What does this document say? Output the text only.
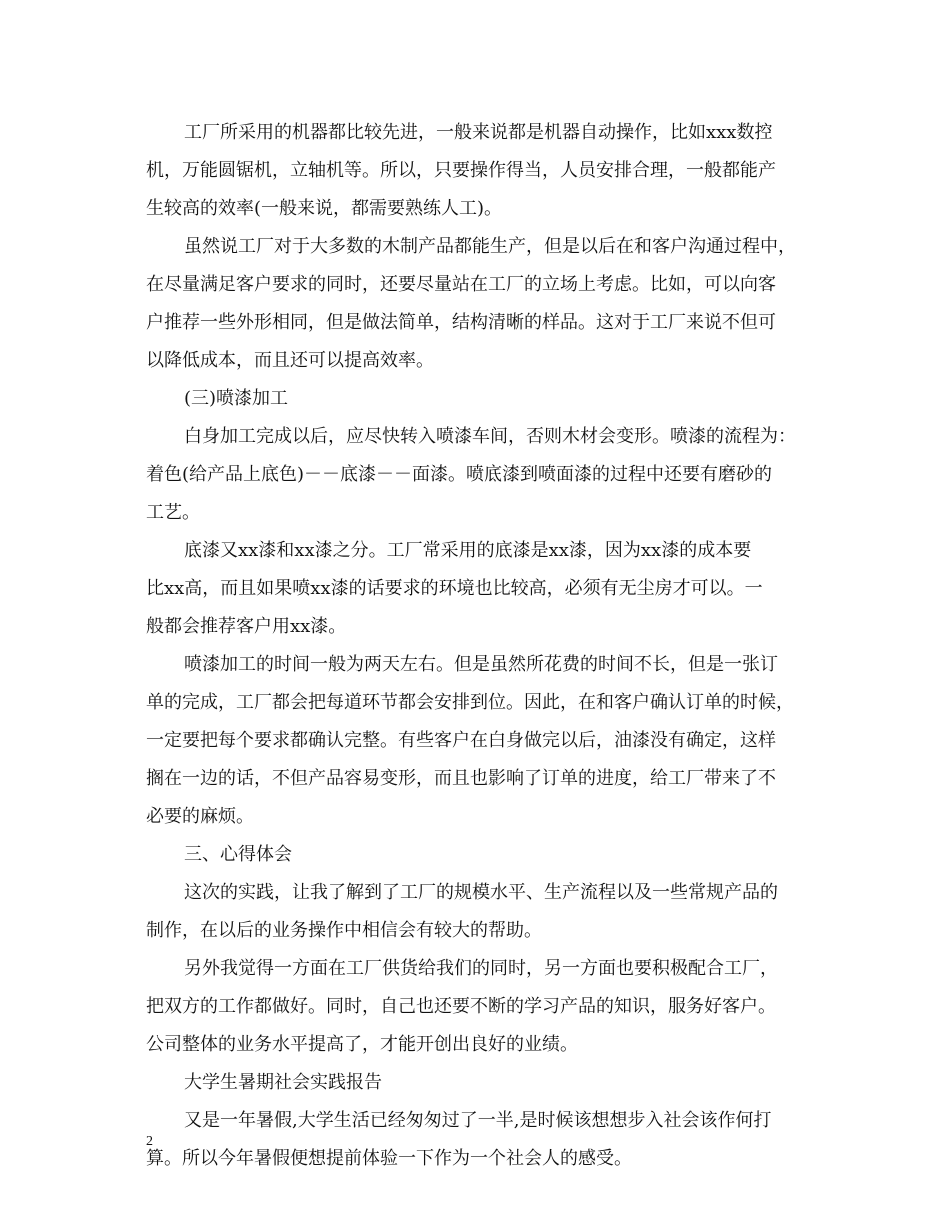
工厂所采用的机器都比较先进，一般来说都是机器自动操作，比如xxx数控
机，万能圆锯机，立轴机等。所以，只要操作得当，人员安排合理，一般都能产
生较高的效率(一般来说，都需要熟练人工)。
虽然说工厂对于大多数的木制产品都能生产，但是以后在和客户沟通过程中，
在尽量满足客户要求的同时，还要尽量站在工厂的立场上考虑。比如，可以向客
户推荐一些外形相同，但是做法简单，结构清晰的样品。这对于工厂来说不但可
以降低成本，而且还可以提高效率。
(三)喷漆加工
白身加工完成以后，应尽快转入喷漆车间，否则木材会变形。喷漆的流程为：
着色(给产品上底色)－－底漆－－面漆。喷底漆到喷面漆的过程中还要有磨砂的
工艺。
底漆又xx漆和xx漆之分。工厂常采用的底漆是xx漆，因为xx漆的成本要
比xx高，而且如果喷xx漆的话要求的环境也比较高，必须有无尘房才可以。一
般都会推荐客户用xx漆。
喷漆加工的时间一般为两天左右。但是虽然所花费的时间不长，但是一张订
单的完成，工厂都会把每道环节都会安排到位。因此，在和客户确认订单的时候，
一定要把每个要求都确认完整。有些客户在白身做完以后，油漆没有确定，这样
搁在一边的话，不但产品容易变形，而且也影响了订单的进度，给工厂带来了不
必要的麻烦。
三、心得体会
这次的实践，让我了解到了工厂的规模水平、生产流程以及一些常规产品的
制作，在以后的业务操作中相信会有较大的帮助。
另外我觉得一方面在工厂供货给我们的同时，另一方面也要积极配合工厂，
把双方的工作都做好。同时，自己也还要不断的学习产品的知识，服务好客户。
公司整体的业务水平提高了，才能开创出良好的业绩。
大学生暑期社会实践报告
又是一年暑假,大学生活已经匆匆过了一半,是时候该想想步入社会该作何打
算。所以今年暑假便想提前体验一下作为一个社会人的感受。
2
